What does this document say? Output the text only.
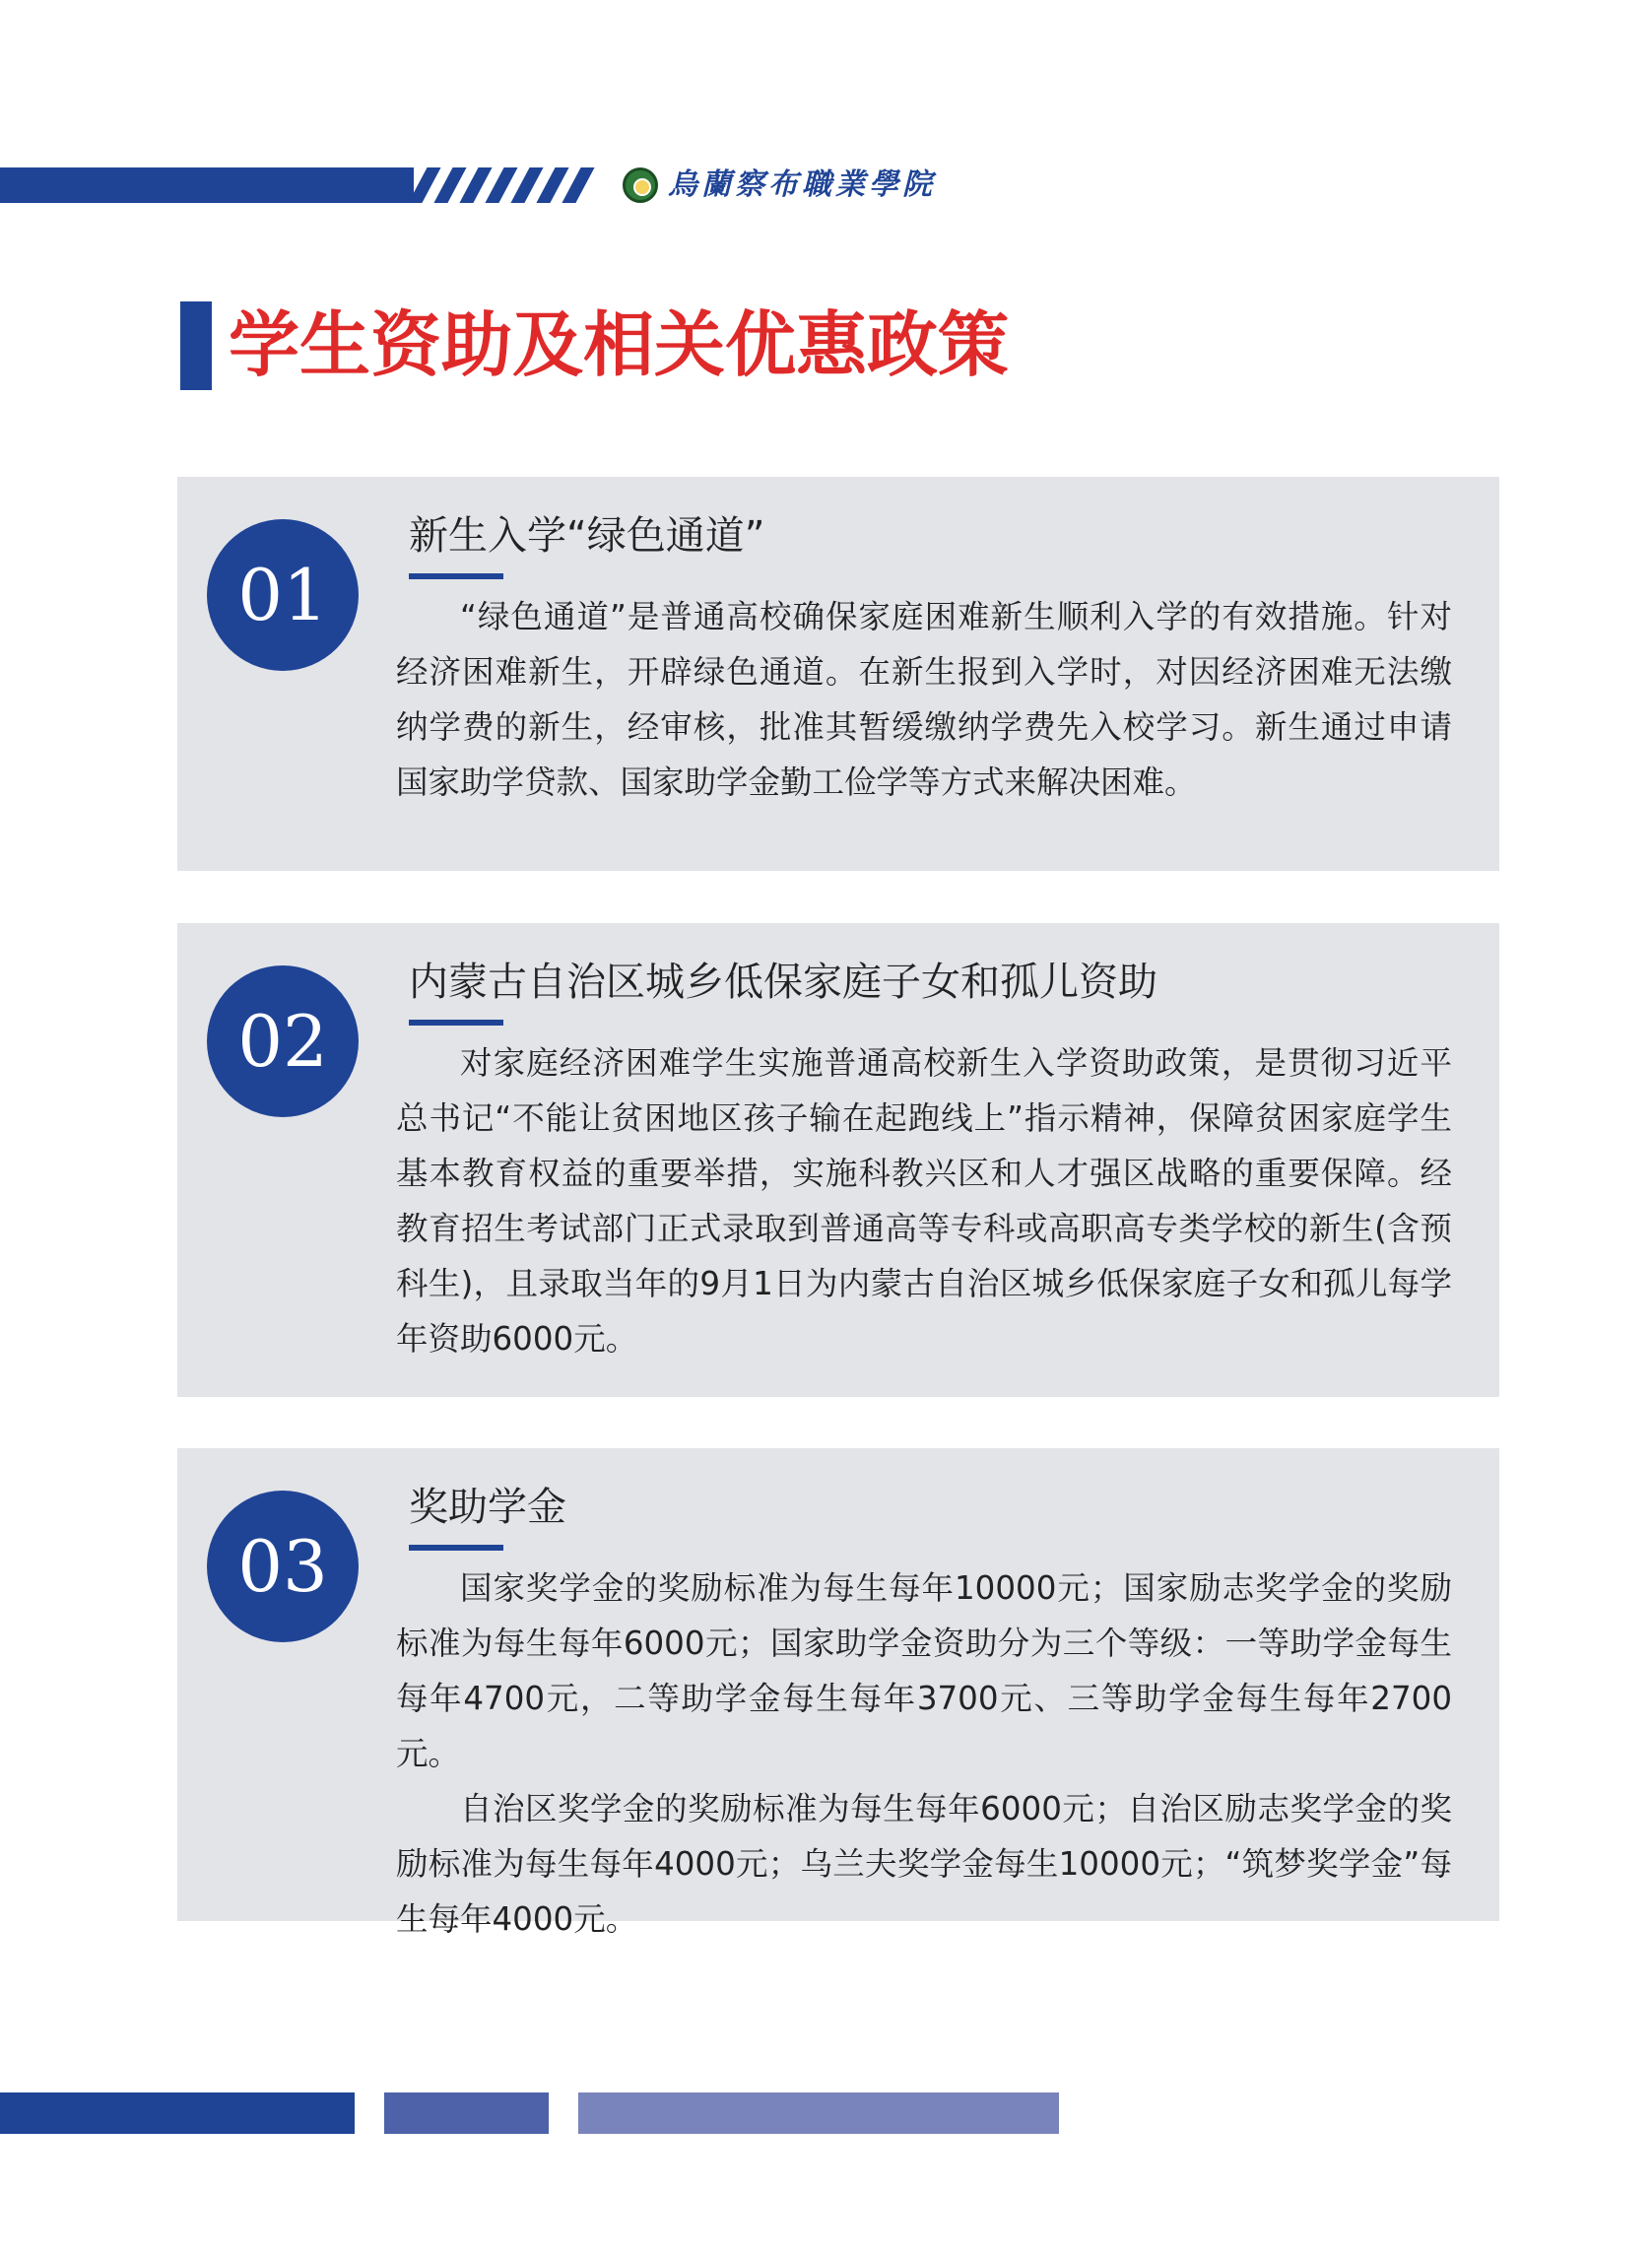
烏蘭察布職業學院
学生资助及相关优惠政策
01
新生入学“绿色通道”

“绿色通道”是普通高校确保家庭困难新生顺利入学的有效措施。针对经济困难新生，开辟绿色通道。在新生报到入学时，对因经济困难无法缴纳学费的新生，经审核，批准其暂缓缴纳学费先入校学习。新生通过申请国家助学贷款、国家助学金勤工俭学等方式来解决困难。

02
内蒙古自治区城乡低保家庭子女和孤儿资助

对家庭经济困难学生实施普通高校新生入学资助政策，是贯彻习近平总书记“不能让贫困地区孩子输在起跑线上”指示精神，保障贫困家庭学生基本教育权益的重要举措，实施科教兴区和人才强区战略的重要保障。经教育招生考试部门正式录取到普通高等专科或高职高专类学校的新生(含预科生)，且录取当年的9月1日为内蒙古自治区城乡低保家庭子女和孤儿每学年资助6000元。

03
奖助学金

国家奖学金的奖励标准为每生每年10000元；国家励志奖学金的奖励标准为每生每年6000元；国家助学金资助分为三个等级：一等助学金每生每年4700元，二等助学金每生每年3700元、三等助学金每生每年2700元。

自治区奖学金的奖励标准为每生每年6000元；自治区励志奖学金的奖励标准为每生每年4000元；乌兰夫奖学金每生10000元；“筑梦奖学金”每生每年4000元。
